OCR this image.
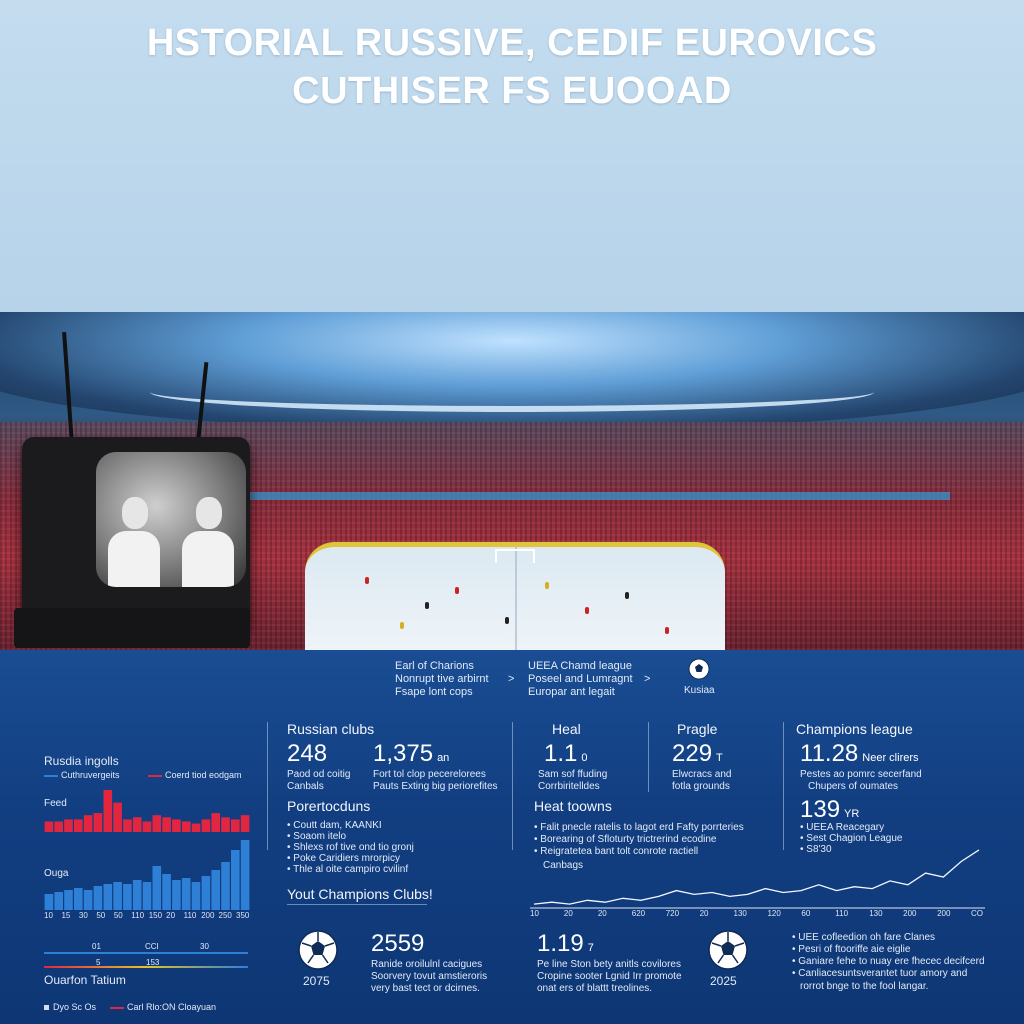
HSTORIAL RUSSIVE, CEDIF EUROVICS
CUTHISER FS EUOOAD
Earl of Charions
Nonrupt tive arbirnt
Fsape lont cops
>
UEEA Chamd league
Poseel and Lumragnt
Europar ant legait
>
Kusiaa
Rusdia ingolls
Cuthruvergeits	Coerd tiod eodgam
Feed
Ouga
10 15 30 50 50 110 150 20 110 200 250 350
01	CCI	30
5	153
Ouarfon Tatium
Dyo Sc Os	Carl Rlo:ON Cloayuan
Russian clubs
248
Paod od coitig
Canbals
1,375 an
Fort tol clop pecerelorees
Pauts Exting big periorefites
Porertocduns
• Coutt dam, KAANKI
• Soaom itelo
• Shlexs rof tive ond tio gronj
• Poke Caridiers mrorpicy
• Thle al oite campiro cvilinf
Yout Champions Clubs!
2075
2559
Ranide oroilulnl cacigues
Soorvery tovut amstieroris
very bast tect or dcirnes.
Heal
1.1 0
Sam sof ffuding
Corrbiritelldes
Pragle
229 T
Elwcracs and
fotla grounds
Heat toowns
• Falit pnecle ratelis to lagot erd Fafty porrteries
• Borearing of Sfloturty trictrerind ecodine
• Reigratetea bant tolt conrote ractiell
Canbags
10	20	20	620	720	20	130	120	60	110	130	200	200	CO
1.19 7
Pe line Ston bety anitls covilores
Cropine sooter Lgnid Irr promote
onat ers of blattt treolines.
2025
Champions league
11.28 Neer clirers
Pestes ao pomrc secerfand
Chupers of oumates
139 YR
• UEEA Reacegary
• Sest Chagion League
• S8'30
• UEE cofleedion oh fare Clanes
• Pesri of ftooriffe aie eiglie
• Ganiare fehe to nuay ere fhecec decifcerd
• Canliacesuntsverantet tuor amory and
rorrot bnge to the fool langar.
